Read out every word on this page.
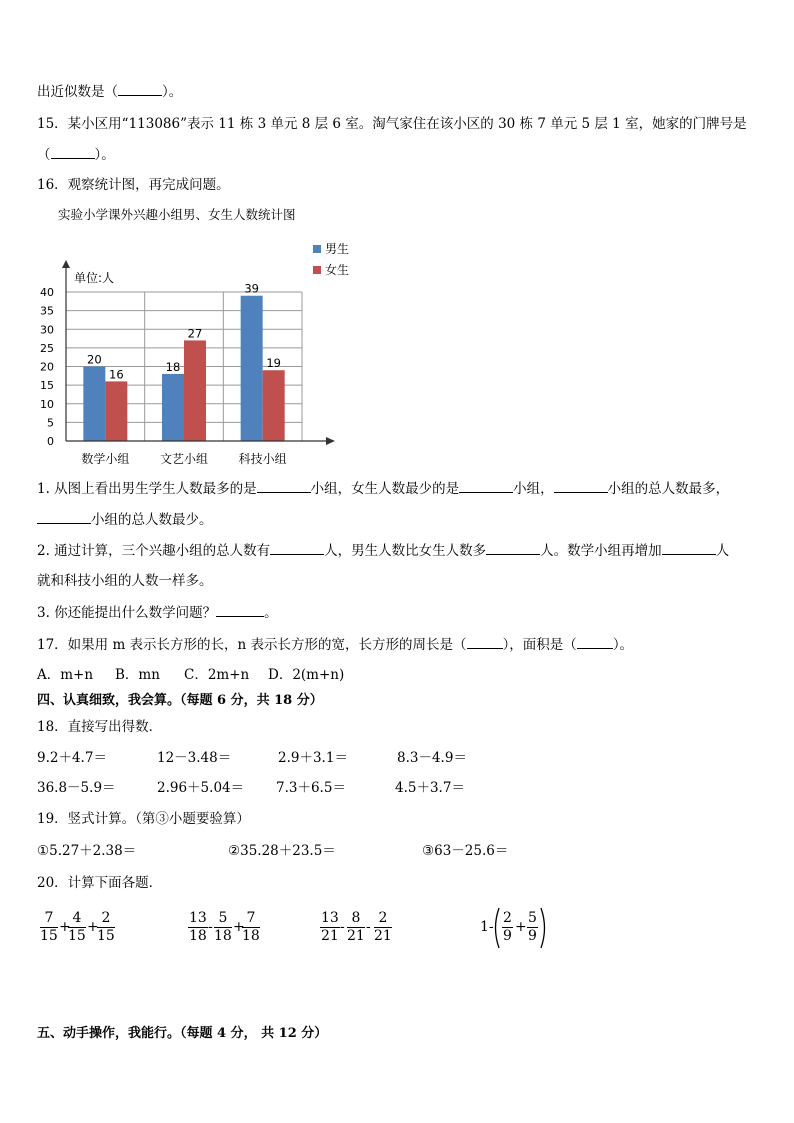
出近似数是（	）。
15．某小区用“113086”表示 11 栋 3 单元 8 层 6 室。淘气家住在该小区的 30 栋 7 单元 5 层 1 室，她家的门牌号是
（	）。
16．观察统计图，再完成问题。
实验小学课外兴趣小组男、女生人数统计图
男生
女生
单位:人
0
5
10
15
20
25
30
35
40
20
16
数学小组
18
27
文艺小组
39
19
科技小组
1. 从图上看出男生学生人数最多的是	小组，女生人数最少的是	小组，	小组的总人数最多，
小组的总人数最少。
2. 通过计算，三个兴趣小组的总人数有	人，男生人数比女生人数多	人。数学小组再增加	人
就和科技小组的人数一样多。
3. 你还能提出什么数学问题？	。
17．如果用 m 表示长方形的长，n 表示长方形的宽，长方形的周长是（	），面积是（	）。
A．m+n B．mn C．2m+n D．2(m+n)
四、认真细致，我会算。（每题 6 分，共 18 分）
18．直接写出得数．
9.2＋4.7＝	12－3.48＝	2.9＋3.1＝	8.3－4.9＝
36.8－5.9＝	2.96＋5.04＝ 7.3＋6.5＝	4.5＋3.7＝
19．竖式计算。（第③小题要验算）
①5.27＋2.38＝	②35.28＋23.5＝	③63－25.6＝
20．计算下面各题．
$\frac{7}{15}$ +
$\frac{4}{15}$ +
$\frac{2}{15}$	$\frac{13}{18} - \frac{5}{18}$ +
$\frac{7}{18}$	$\frac{13}{21} - \frac{8}{21} - \frac{2}{21}$	$1- \frac{2}{9} + \frac{5}{9}$
五、动手操作，我能行。（每题 4 分， 共 12 分）
